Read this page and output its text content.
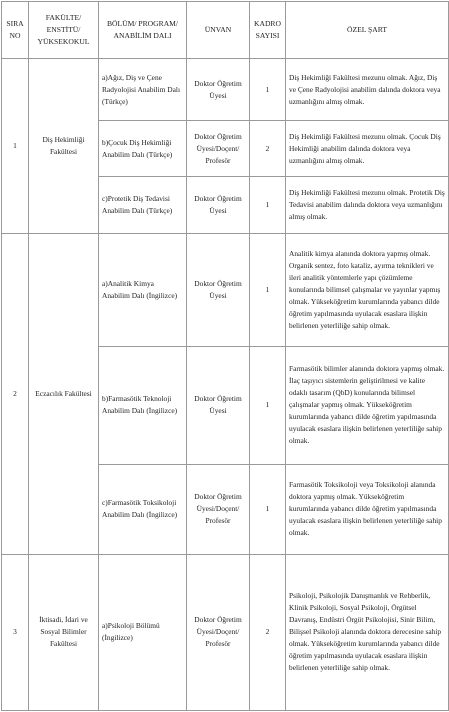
SIRA NO	FAKÜLTE/ ENSTİTÜ/ YÜKSEKOKUL	BÖLÜM/ PROGRAM/ ANABİLİM DALI	ÜNVAN	KADRO SAYISI	ÖZEL ŞART
1	Diş Hekimliği Fakültesi	a)Ağız, Diş ve Çene Radyolojisi Anabilim Dalı (Türkçe)	Doktor Öğretim Üyesi	1	Diş Hekimliği Fakültesi mezunu olmak. Ağız, Diş ve Çene Radyolojisi anabilim dalında doktora veya uzmanlığını almış olmak.
		b)Çocuk Diş Hekimliği Anabilim Dalı (Türkçe)	Doktor Öğretim Üyesi/Doçent/ Profesör	2	Diş Hekimliği Fakültesi mezunu olmak. Çocuk Diş Hekimliği anabilim dalında doktora veya uzmanlığını almış olmak.
		c)Protetik Diş Tedavisi Anabilim Dalı (Türkçe)	Doktor Öğretim Üyesi	1	Diş Hekimliği Fakültesi mezunu olmak. Protetik Diş Tedavisi anabilim dalında doktora veya uzmanlığını almış olmak.
2	Eczacılık Fakültesi	a)Analitik Kimya Anabilim Dalı (İngilizce)	Doktor Öğretim Üyesi	1	Analitik kimya alanında doktora yapmış olmak. Organik sentez, foto kataliz, ayırma teknikleri ve ileri analitik yöntemlerle yapı çözümleme konularında bilimsel çalışmalar ve yayınlar yapmış olmak. Yükseköğretim kurumlarında yabancı dilde öğretim yapılmasında uyulacak esaslara ilişkin belirlenen yeterliliğe sahip olmak.
		b)Farmasötik Teknoloji Anabilim Dalı (İngilizce)	Doktor Öğretim Üyesi	1	Farmasötik bilimler alanında doktora yapmış olmak. İlaç taşıyıcı sistemlerin geliştirilmesi ve kalite odaklı tasarım (QbD) konularında bilimsel çalışmalar yapmış olmak. Yükseköğretim kurumlarında yabancı dilde öğretim yapılmasında uyulacak esaslara ilişkin belirlenen yeterliliğe sahip olmak.
		c)Farmasötik Toksikoloji Anabilim Dalı (İngilizce)	Doktor Öğretim Üyesi/Doçent/ Profesör	1	Farmasötik Toksikoloji veya Toksikoloji alanında doktora yapmış olmak. Yükseköğretim kurumlarında yabancı dilde öğretim yapılmasında uyulacak esaslara ilişkin belirlenen yeterliliğe sahip olmak.
3	İktisadi, İdari ve Sosyal Bilimler Fakültesi	a)Psikoloji Bölümü (İngilizce)	Doktor Öğretim Üyesi/Doçent/ Profesör	2	Psikoloji, Psikolojik Danışmanlık ve Rehberlik, Klinik Psikoloji, Sosyal Psikoloji, Örgütsel Davranış, Endüstri Örgüt Psikolojisi, Sinir Bilim, Bilişsel Psikoloji alanında doktora derecesine sahip olmak. Yükseköğretim kurumlarında yabancı dilde öğretim yapılmasında uyulacak esaslara ilişkin belirlenen yeterliliğe sahip olmak.
